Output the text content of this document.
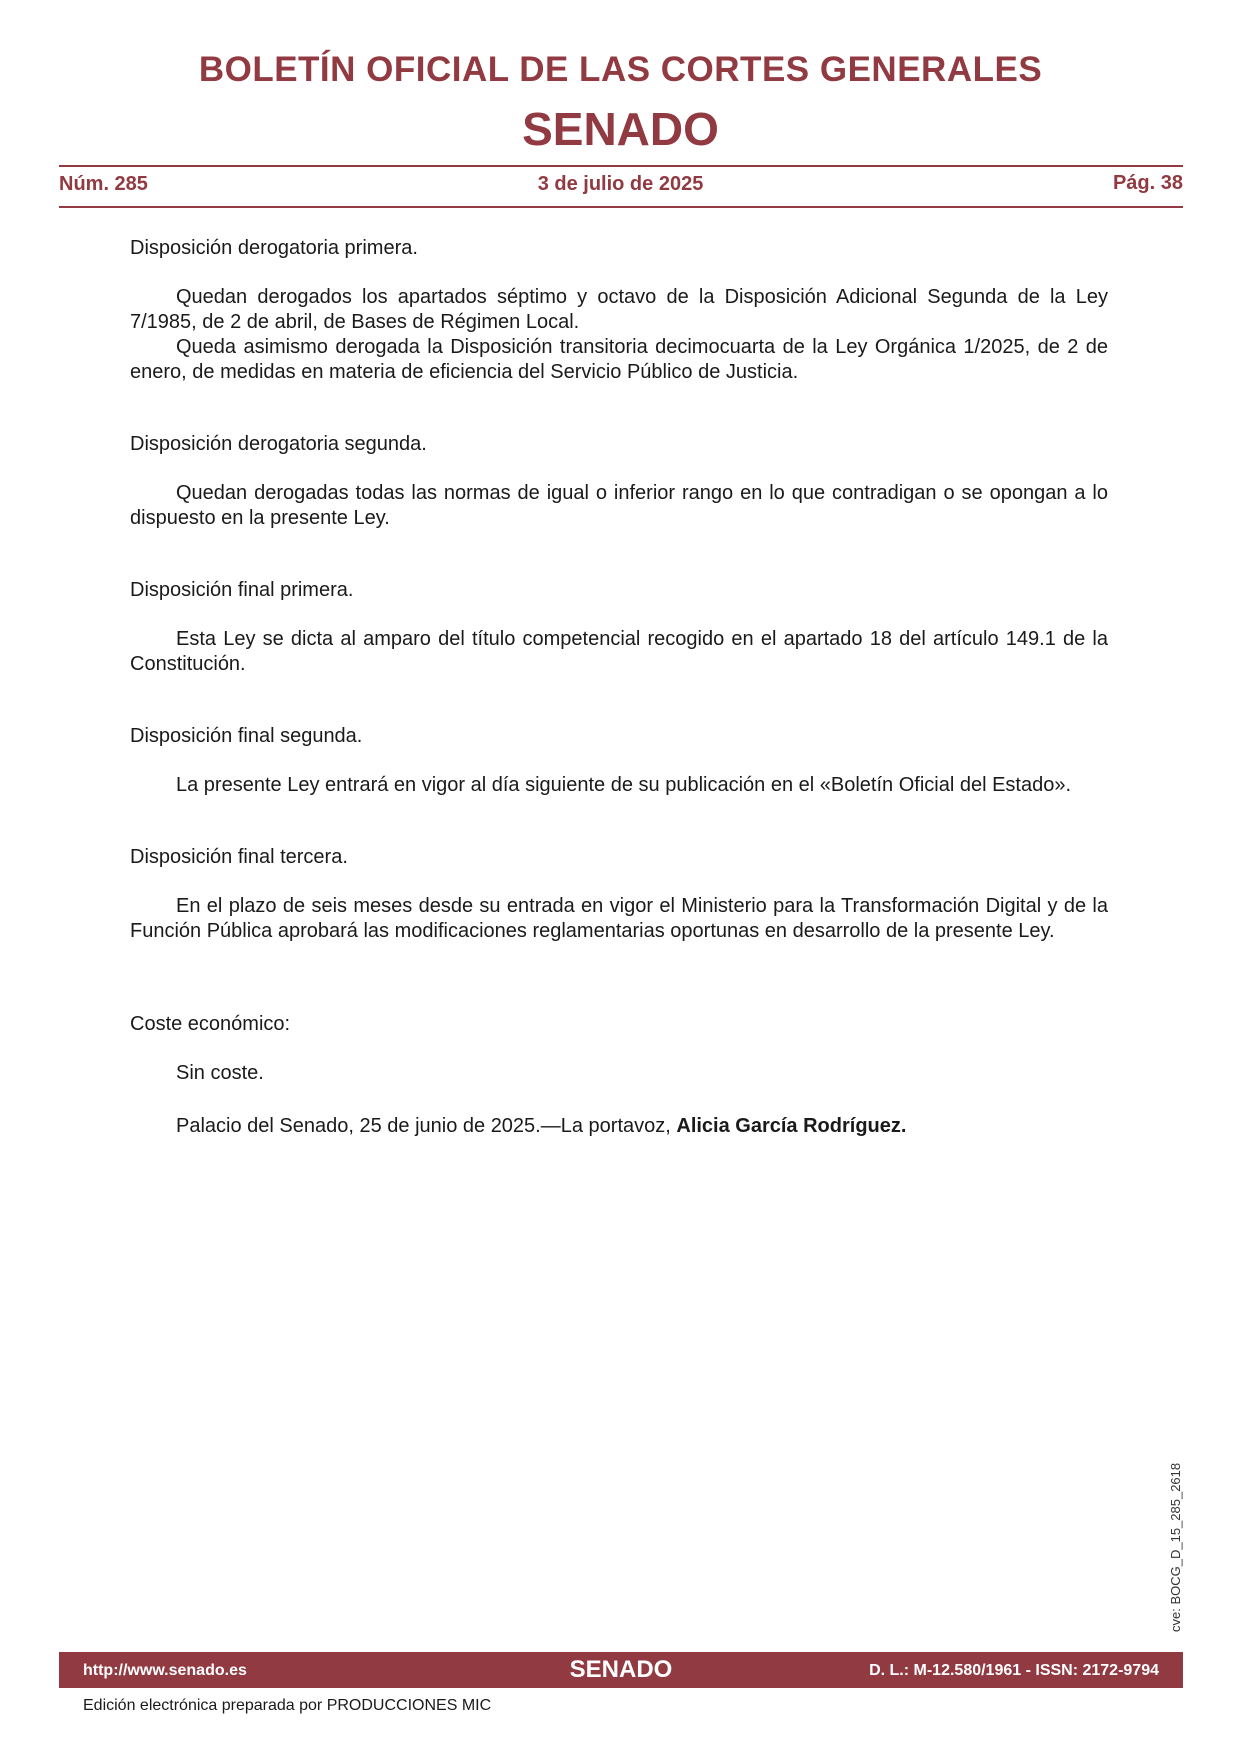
BOLETÍN OFICIAL DE LAS CORTES GENERALES
SENADO
Núm. 285	3 de julio de 2025	Pág. 38
Disposición derogatoria primera.
Quedan derogados los apartados séptimo y octavo de la Disposición Adicional Segunda de la Ley 7/1985, de 2 de abril, de Bases de Régimen Local.
Queda asimismo derogada la Disposición transitoria decimocuarta de la Ley Orgánica 1/2025, de 2 de enero, de medidas en materia de eficiencia del Servicio Público de Justicia.
Disposición derogatoria segunda.
Quedan derogadas todas las normas de igual o inferior rango en lo que contradigan o se opongan a lo dispuesto en la presente Ley.
Disposición final primera.
Esta Ley se dicta al amparo del título competencial recogido en el apartado 18 del artículo 149.1 de la Constitución.
Disposición final segunda.
La presente Ley entrará en vigor al día siguiente de su publicación en el «Boletín Oficial del Estado».
Disposición final tercera.
En el plazo de seis meses desde su entrada en vigor el Ministerio para la Transformación Digital y de la Función Pública aprobará las modificaciones reglamentarias oportunas en desarrollo de la presente Ley.
Coste económico:
Sin coste.
Palacio del Senado, 25 de junio de 2025.—La portavoz, Alicia García Rodríguez.
cve: BOCG_D_15_285_2618
http://www.senado.es	SENADO	D. L.: M-12.580/1961 - ISSN: 2172-9794
Edición electrónica preparada por PRODUCCIONES MIC
